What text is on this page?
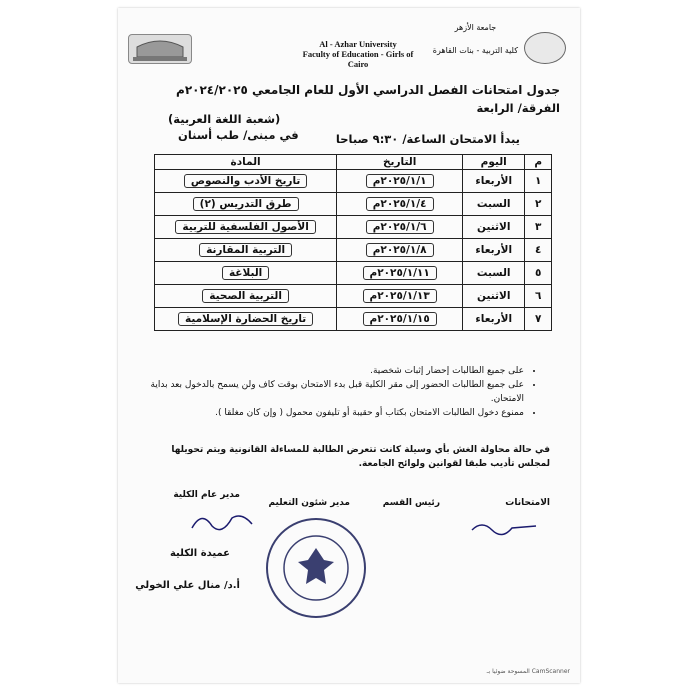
جامعة الأزهر
كلية التربية - بنات القاهرة
Al - Azhar University
Faculty of Education - Girls of
Cairo
جدول امتحانات الفصل الدراسي الأول للعام الجامعي ٢٠٢٤/٢٠٢٥م
الفرقة/ الرابعة
(شعبة اللغة العربية)
يبدأ الامتحان الساعة/ ٩:٣٠ صباحا
في مبنى/ طب أسنان
م	اليوم	التاريخ	المادة
١	الأربعاء	٢٠٢٥/١/١م	تاريخ الأدب والنصوص
٢	السبت	٢٠٢٥/١/٤م	طرق التدريس (٢)
٣	الاثنين	٢٠٢٥/١/٦م	الأصول الفلسفية للتربية
٤	الأربعاء	٢٠٢٥/١/٨م	التربية المقارنة
٥	السبت	٢٠٢٥/١/١١م	البلاغة
٦	الاثنين	٢٠٢٥/١/١٣م	التربية الصحية
٧	الأربعاء	٢٠٢٥/١/١٥م	تاريخ الحضارة الإسلامية
• على جميع الطالبات إحضار إثبات شخصية.
• على جميع الطالبات الحضور إلى مقر الكلية قبل بدء الامتحان بوقت كاف ولن يسمح بالدخول بعد بداية الامتحان.
• ممنوع دخول الطالبات الامتحان بكتاب أو حقيبة أو تليفون محمول ( وإن كان مغلقا ).
في حالة محاولة الغش بأي وسيلة كانت تتعرض الطالبة للمساءلة القانونية ويتم تحويلها لمجلس تأديب طبقا لقوانين ولوائح الجامعة.
الامتحانات
رئيس القسم
مدير شئون التعليم
مدير عام الكلية
عميدة الكلية
أ.د/ منال علي الخولي
CamScanner المسوحة ضوئيا بـ
